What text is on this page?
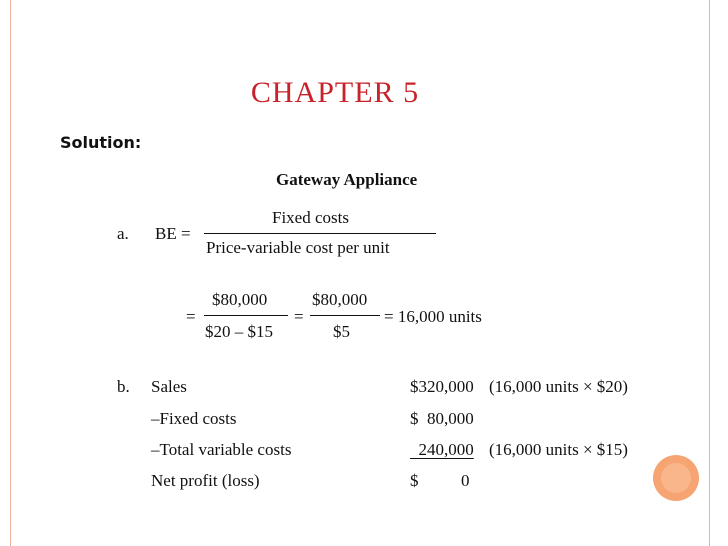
CHAPTER 5
Solution:
Gateway Appliance
a. BE =
Fixed costs
Price-variable cost per unit
=
$80,000
$20 – $15
=
$80,000
$5
= 16,000 units
b. Sales	$320,000 (16,000 units × $20)
–Fixed costs	$  80,000
–Total variable costs	240,000 (16,000 units × $15)
Net profit (loss)	$          0
